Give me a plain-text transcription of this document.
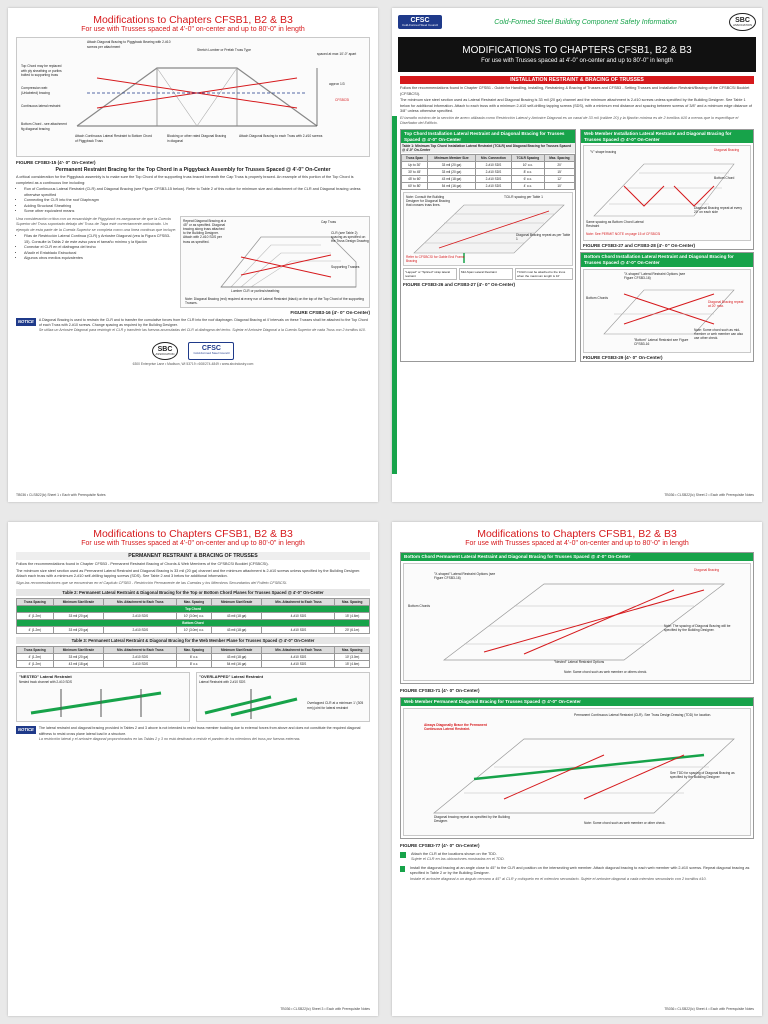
Modifications to Chapters CFSB1, B2 & B3
For use with Trusses spaced at 4'-0" on-center and up to 80'-0" in length
Top Chord may be replaced with ply sheathing or purlins bolted to supporting truss
Compression web (Unlabeled) bracing
Continuous lateral restraint
Bottom Chord - see attachment fig diagonal bracing
Attach Diagonal Bracing to Piggyback Bearing with 2-#10 screws per attachment
Stretch Lumber or Prefab Truss Type
spaced at max 10'-0" apart
approx 1/3
Attach Continuous Lateral Restraint to Bottom Chord of Piggyback Truss
Blocking or other rated Diagonal Bracing in diagonal
Attach Diagonal Bracing to each Truss with 2-#10 screws
CFSBCSI
FIGURE CFSB3-15 (4'- 0" On-Center)
Permanent Restraint Bracing for the Top Chord in a Piggyback Assembly for Trusses Spaced @ 4'-0" On-Center
A critical consideration for the Piggyback assembly is to make sure the Top Chord of the supporting truss braced beneath the Cap Truss is properly braced. An example of this portion of the Top Chord is completed as a continuous line including:
• Run of Continuous Lateral Restraint (CLR) and Diagonal Bracing (see Figure CFSB3-15 below). Refer to Table 2 of this notice for minimum size and attachment of the CLR and Diagonal bracing unless otherwise specified
• Connecting the CLR into the roof Diaphragm
• Adding Structural Sheathing
• Some other equivalent means
Una consideración crítica con un ensamblaje de Piggyback es asegurarse de que la Cuerda Superior del Truss soportado debajo del Truss de Tapa esté correctamente arriostrado. Un ejemplo de esta parte de la Cuerda Superior se completa como una línea continua que incluye:
• Filas de Restricción Lateral Continua (CLR) y Arriostre Diagonal (vea la Figura CFSB3-15). Consulte la Tabla 2 de este aviso para el tamaño mínimo y la fijación
• Conectar el CLR en el diafragma del techo
• Añadir el Entablado Estructural
• Algunos otros medios equivalentes
Repeat Diagonal Bracing at a 45° or as specified. Diagonal bracing along truss attached to the Building Designer. Attach with 2-#10 SDS per truss as specified.
Cap Truss
CLR (see Table 2) spacing as specified on the Truss Design Drawing
Supporting Trusses
Lumber CLR or purlins/sheathing
Note: Diagonal Bracing (red) required at every run of Lateral Restraint (black) on the top of the Top Chord of the supporting Trusses.
FIGURE CFSB3-16 (4'- 0" On-Center)
NOTICE	A Diagonal Bracing is used to restrain the CLR and to transfer the cumulative forces from the CLR into the roof diaphragm. Diagonal Bracing at 4' intervals on these Trusses shall be attached to the Top Chord of each Truss with 2-#10 screws. Change spacing as required by the Building Designer.
Se utiliza un Arriostre Diagonal para restringir el CLR y transferir las fuerzas acumuladas del CLR al diafragma del techo. Sujetar el Arriostre Diagonal a la Cuerda Superior de cada Truss con 2 tornillos #10.
SBC
ASSOCIATION
CFSC
Cold-Formed Steel Council
6300 Enterprise Lane • Madison, WI 53719 • 608/274-4849 • www.sbcindustry.com
TB036 • CLSB22(lc) Sheet 1 • Each with Prerequisite Notes
CFSC
Cold-Formed Steel Council	Cold-Formed Steel Building Component Safety Information	SBC
ASSOCIATION
MODIFICATIONS TO CHAPTERS CFSB1, B2 & B3
For use with Trusses spaced at 4'-0" on-center and up to 80'-0" in length
INSTALLATION RESTRAINT & BRACING OF TRUSSES
Follow the recommendations found in Chapter CFSB1 - Guide for Handling, Installing, Restraining & Bracing of Trusses and CFSB3 - Setting Trusses and Installation Restraint/Bracing of the CFSBCSI Booklet (CFSBCSI).
The minimum size steel section used as Lateral Restraint and Diagonal Bracing is 33 mil (20 ga) channel and the minimum attachment is 2-#10 screws unless specified by the Building Designer. See Table 1 below for additional information. Attach to each truss with a minimum 2-#10 self-drilling tapping screws (SDS), with a minimum end distance and spacing between screws of 3/8" and a minimum edge distance of 3/8" unless otherwise specified.
El tamaño mínimo de la sección de acero utilizada como Restricción Lateral y Arriostre Diagonal es un canal de 33 mil (calibre 20) y la fijación mínima es de 2 tornillos #10 a menos que lo especifique el Diseñador del Edificio.
Top Chord Installation Lateral Restraint and Diagonal Bracing for Trusses Spaced @ 4'-0" On-Center
Table 1: Minimum Top Chord Installation Lateral Restraint (TCILR) and Diagonal Bracing for Trusses Spaced @ 4'-0" On-Center
Truss Span	Minimum Member Size	Min. Connection	TCILR Spacing	Max. Spacing
Up to 30'	33 mil (20 ga)	2-#10 SDS	10' o.c.	20'
30' to 45'	33 mil (20 ga)	2-#10 SDS	8' o.c.	15'
45' to 60'	43 mil (18 ga)	2-#10 SDS	6' o.c.	12'
60' to 80'	54 mil (16 ga)	2-#10 SDS	4' o.c.	10'
TCILR spacing per Table 1
Diagonal Bracing repeat as per Table 1
Refer to CFSBCSI for Gable End Frame Bracing
Note: Consult the Building Designer for Diagonal Bracing that crosses truss lines.
"Lapped" or "Spliced" strap lateral restraint
Mid-Span Lateral Restraint	TCILR must be attached to the truss when the maximum length is 10'
FIGURE CFSB3-26 and CFSB3-27 (4'- 0" On-Center)
Web Member Installation Lateral Restraint and Diagonal Bracing for Trusses Spaced @ 4'-0" On-Center
"V" shape bracing	Diagonal Bracing
Bottom Chord
Diagonal Bracing repeat at every 20' on each side
Same spacing as Bottom Chord Lateral Restraint
Note: See PERMIT NOTE on page 15 of CFSBCSI
FIGURE CFSB3-27 and CFSB3-28 (4'- 0" On-Center)
Bottom Chord Installation Lateral Restraint and Diagonal Bracing for Trusses Spaced @ 4'-0" On-Center
"X-shaped" Lateral Restraint Options (see Figure CFSB3-16)
Diagonal Bracing repeat at 20' max.
Bottom Chords
Note: Some chord such as mid-member or web member can also use other check.
"Bottom" Lateral Restraint see Figure CFSB3-16
FIGURE CFSB3-29 (4'- 0" On-Center)
TB036 • CLSB22(lc) Sheet 2 • Each with Prerequisite Notes
Modifications to Chapters CFSB1, B2 & B3
For use with Trusses spaced at 4'-0" on-center and up to 80'-0" in length
PERMANENT RESTRAINT & BRACING OF TRUSSES
Follow the recommendations found in Chapter CFSB3 - Permanent Restraint Bracing of Chords & Web Members of the CFSBCSI Booklet (CFSBCSI).
The minimum size steel section used as Permanent Lateral Restraint and Diagonal Bracing is 33 mil (20 ga) channel and the minimum attachment is 2-#10 screws unless specified by the Building Designer. Attach each truss with a minimum 2-#10 self-drilling tapping screws (SDS). See Table 2 and 3 below for additional information.
Siga las recomendaciones que se encuentran en el Capítulo CFSB3 - Restricción Permanente de las Cuerdas y los Miembros Secundarios del Folleto CFSBCSI.
Table 2: Permanent Lateral Restraint & Diagonal Bracing for the Top or Bottom Chord Planes for Trusses Spaced @ 4'-0" On-Center
Truss Spacing	Minimum Size/Grade	Min. Attachment to Each Truss	Max. Spacing	Minimum Size/Grade	Min. Attachment to Each Truss	Max. Spacing
Top Chord						
4' (1.2m)	33 mil (20 ga)	2-#10 SDS	10' (3.0m) o.c.	43 mil (18 ga)	4-#10 SDS	15' (4.6m)
Bottom Chord						
4' (1.2m)	33 mil (20 ga)	2-#10 SDS	10' (3.0m) o.c.	43 mil (18 ga)	4-#10 SDS	20' (6.1m)
Table 3: Permanent Lateral Restraint & Diagonal Bracing for the Web Member Plane for Trusses Spaced @ 4'-0" On-Center
Truss Spacing	Minimum Size/Grade	Min. Attachment to Each Truss	Max. Spacing	Minimum Size/Grade	Min. Attachment to Each Truss	Max. Spacing
4' (1.2m)	33 mil (20 ga)	2-#10 SDS	6' o.c.	43 mil (18 ga)	4-#10 SDS	10' (3.0m)
4' (1.2m)	43 mil (18 ga)	2-#10 SDS	8' o.c.	54 mil (16 ga)	4-#10 SDS	15' (4.6m)
"NESTED" Lateral Restraint
Nested track channel with 2-#10 SDS
"OVERLAPPED" Lateral Restraint
Lateral Restraint with 2-#10 SDS
Overlapped CLR at a minimum 1' (305 mm) joint for lateral restraint
NOTICE	The lateral restraint and diagonal bracing provided in Tables 2 and 3 above is not intended to resist truss member buckling due to external forces from above and does not constitute the required diagonal stiffness to resist cross plane lateral load in a structure.
La restricción lateral y el arriostre diagonal proporcionados en las Tablas 2 y 3 no está destinado a resistir el pandeo de los miembros del truss por fuerzas externas.
TB036 • CLSB22(lc) Sheet 3 • Each with Prerequisite Notes
Modifications to Chapters CFSB1, B2 & B3
For use with Trusses spaced at 4'-0" on-center and up to 80'-0" in length
Bottom Chord Permanent Lateral Restraint and Diagonal Bracing for Trusses Spaced @ 4'-0" On-Center
"X-shaped" Lateral Restraint Options (see Figure CFSB3-16)
Diagonal Bracing
Bottom Chords
Note: The spacing of Diagonal Bracing will be specified by the Building Designer.
"Nested" Lateral Restraint Options
Note: Same chord such as web member or others check.
FIGURE CFSB3-71 (4'- 0" On-Center)
Web Member Permanent Diagonal Bracing for Trusses Spaced @ 4'-0" On-Center
Permanent Continuous Lateral Restraint (CLR). See Truss Design Drawing (TDD) for location.
Always Diagonally Brace the Permanent Continuous Lateral Restraint.
See TDD for spacing of Diagonal Bracing as specified by the Building Designer
Diagonal bracing repeat as specified by the Building Designer.	Note: Some chord such as web member or other check.
FIGURE CFSB3-77 (4'- 0" On-Center)
Attach the CLR at the locations shown on the TDD.
Sujete el CLR en las ubicaciones mostradas en el TDD.
Install the diagonal bracing at an angle close to 45° to the CLR and position on the intersecting web member. Attach diagonal bracing to each web member with 2-#10 screws. Repeat diagonal bracing as specified in Table 2 or by the Building Designer.
Instale el arriostre diagonal a un ángulo cercano a 45° al CLR y colóquelo en el miembro secundario. Sujete el arriostre diagonal a cada miembro secundario con 2 tornillos #10.
TB036 • CLSB22(lc) Sheet 4 • Each with Prerequisite Notes
